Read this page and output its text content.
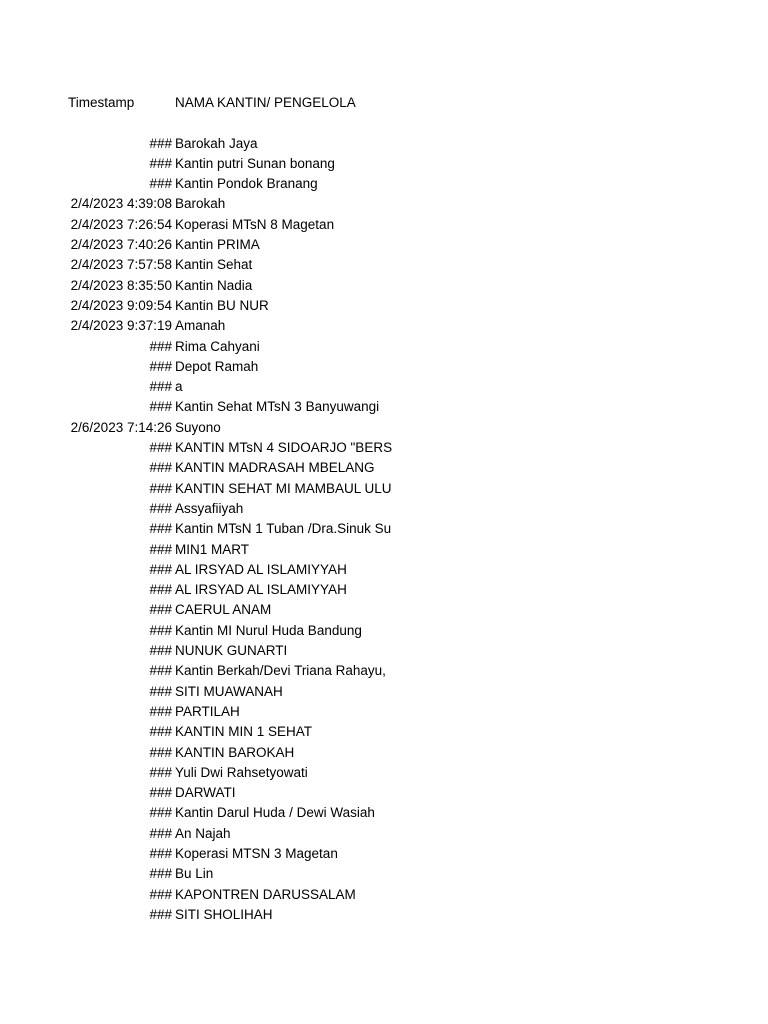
Timestamp	NAMA KANTIN/ PENGELOLA
### Barokah Jaya
### Kantin putri Sunan bonang
### Kantin Pondok Branang
2/4/2023 4:39:08 Barokah
2/4/2023 7:26:54 Koperasi MTsN 8 Magetan
2/4/2023 7:40:26 Kantin PRIMA
2/4/2023 7:57:58 Kantin Sehat
2/4/2023 8:35:50 Kantin Nadia
2/4/2023 9:09:54 Kantin BU NUR
2/4/2023 9:37:19 Amanah
### Rima Cahyani
### Depot Ramah
### a
### Kantin Sehat MTsN 3 Banyuwangi
2/6/2023 7:14:26 Suyono
### KANTIN MTsN 4 SIDOARJO "BERS
### KANTIN MADRASAH MBELANG
### KANTIN SEHAT MI MAMBAUL ULU
### Assyafiiyah
### Kantin MTsN 1 Tuban /Dra.Sinuk Su
### MIN1 MART
### AL IRSYAD AL ISLAMIYYAH
### AL IRSYAD AL ISLAMIYYAH
### CAERUL ANAM
### Kantin MI Nurul Huda Bandung
### NUNUK GUNARTI
### Kantin Berkah/Devi Triana Rahayu,
### SITI MUAWANAH
### PARTILAH
### KANTIN MIN 1 SEHAT
### KANTIN BAROKAH
### Yuli Dwi Rahsetyowati
### DARWATI
### Kantin Darul Huda / Dewi Wasiah
### An Najah
### Koperasi MTSN 3 Magetan
### Bu Lin
### KAPONTREN DARUSSALAM
### SITI SHOLIHAH
